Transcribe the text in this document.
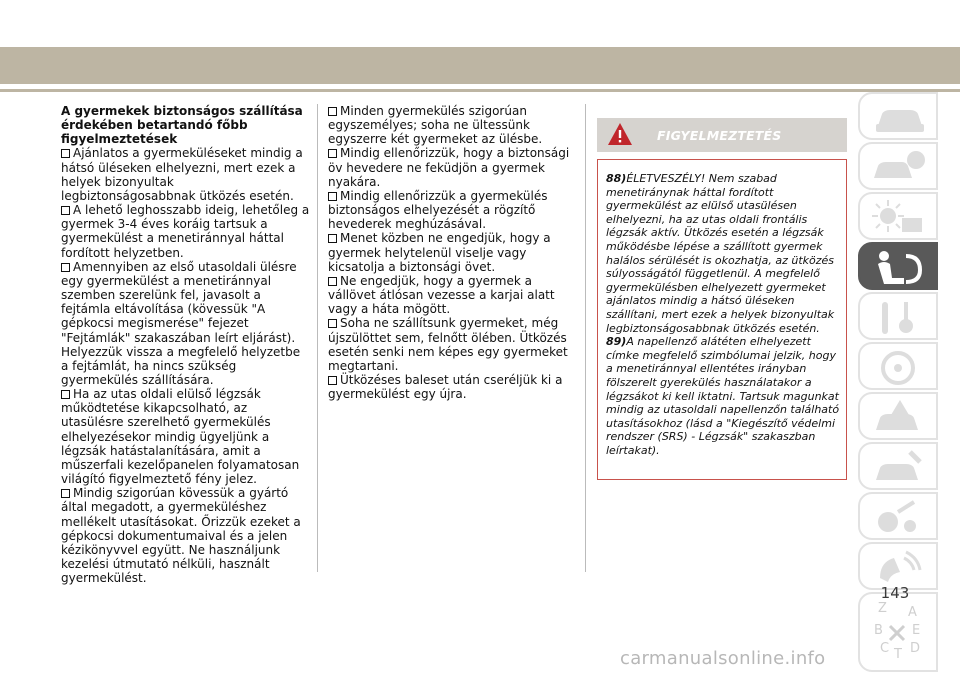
A gyermekek biztonságos szállítása érdekében betartandó főbb figyelmeztetések

Ajánlatos a gyermeküléseket mindig a hátsó üléseken elhelyezni, mert ezek a helyek bizonyultak legbiztonságosabbnak ütközés esetén.

A lehető leghosszabb ideig, lehetőleg a gyermek 3-4 éves koráig tartsuk a gyermekülést a menetiránnyal háttal fordított helyzetben.

Amennyiben az első utasoldali ülésre egy gyermekülést a menetiránnyal szemben szerelünk fel, javasolt a fejtámla eltávolítása (kövessük "A gépkocsi megismerése" fejezet "Fejtámlák" szakaszában leírt eljárást). Helyezzük vissza a megfelelő helyzetbe a fejtámlát, ha nincs szükség gyermekülés szállítására.

Ha az utas oldali elülső légzsák működtetése kikapcsolható, az utasülésre szerelhető gyermekülés elhelyezésekor mindig ügyeljünk a légzsák hatástalanítására, amit a műszerfali kezelőpanelen folyamatosan világító figyelmeztető fény jelez.

Mindig szigorúan kövessük a gyártó által megadott, a gyermeküléshez mellékelt utasításokat. Őrizzük ezeket a gépkocsi dokumentumaival és a jelen kézikönyvvel együtt. Ne használjunk kezelési útmutató nélküli, használt gyermekülést.

Minden gyermekülés szigorúan egyszemélyes; soha ne ültessünk egyszerre két gyermeket az ülésbe.

Mindig ellenőrizzük, hogy a biztonsági öv hevedere ne feküdjön a gyermek nyakára.

Mindig ellenőrizzük a gyermekülés biztonságos elhelyezését a rögzítő hevederek meghúzásával.

Menet közben ne engedjük, hogy a gyermek helytelenül viselje vagy kicsatolja a biztonsági övet.

Ne engedjük, hogy a gyermek a vállövet átlósan vezesse a karjai alatt vagy a háta mögött.

Soha ne szállítsunk gyermeket, még újszülöttet sem, felnőtt ölében. Ütközés esetén senki nem képes egy gyermeket megtartani.

Ütközéses baleset után cseréljük ki a gyermekülést egy újra.

FIGYELMEZTETÉS

88)ÉLETVESZÉLY! Nem szabad menetiránynak háttal fordított gyermekülést az elülső utasülésen elhelyezni, ha az utas oldali frontális légzsák aktív. Ütközés esetén a légzsák működésbe lépése a szállított gyermek halálos sérülését is okozhatja, az ütközés súlyosságától függetlenül. A megfelelő gyermekülésben elhelyezett gyermeket ajánlatos mindig a hátsó üléseken szállítani, mert ezek a helyek bizonyultak legbiztonságosabbnak ütközés esetén.

89)A napellenző alátéten elhelyezett címke megfelelő szimbólumai jelzik, hogy a menetiránnyal ellentétes irányban fölszerelt gyerekülés használatakor a légzsákot ki kell iktatni. Tartsuk magunkat mindig az utasoldali napellenzőn található utasításokhoz (lásd a "Kiegészítő védelmi rendszer (SRS) - Légzsák" szakaszban leírtakat).

Z A
B E
C T D
143
carmanualsonline.info
